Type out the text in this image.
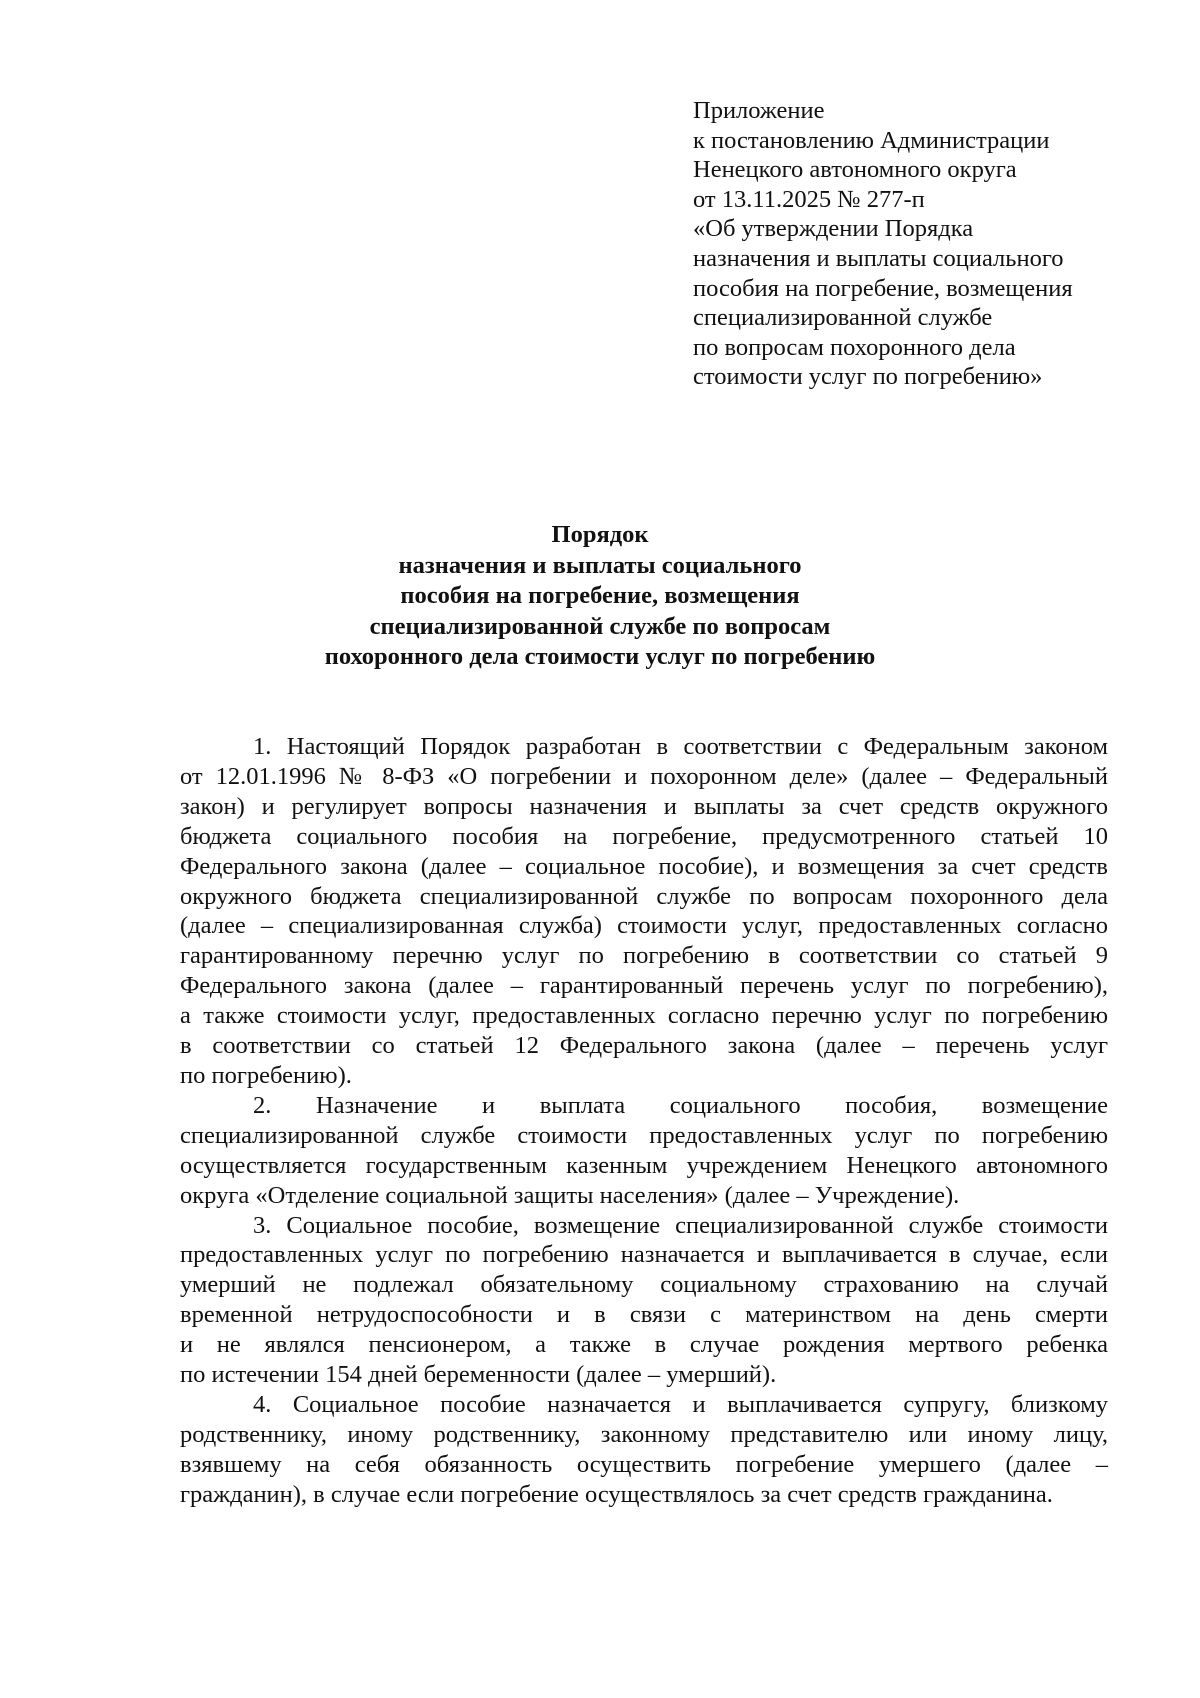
Приложение
к постановлению Администрации
Ненецкого автономного округа
от 13.11.2025 № 277-п
«Об утверждении Порядка
назначения и выплаты социального
пособия на погребение, возмещения
специализированной службе
по вопросам похоронного дела
стоимости услуг по погребению»
Порядок
назначения и выплаты социального
пособия на погребение, возмещения
специализированной службе по вопросам
похоронного дела стоимости услуг по погребению
1. Настоящий Порядок разработан в соответствии с Федеральным законом
от 12.01.1996 № 8-ФЗ «О погребении и похоронном деле» (далее – Федеральный
закон) и регулирует вопросы назначения и выплаты за счет средств окружного
бюджета социального пособия на погребение, предусмотренного статьей 10
Федерального закона (далее – социальное пособие), и возмещения за счет средств
окружного бюджета специализированной службе по вопросам похоронного дела
(далее – специализированная служба) стоимости услуг, предоставленных согласно
гарантированному перечню услуг по погребению в соответствии со статьей 9
Федерального закона (далее – гарантированный перечень услуг по погребению),
а также стоимости услуг, предоставленных согласно перечню услуг по погребению
в соответствии со статьей 12 Федерального закона (далее – перечень услуг
по погребению).
2. Назначение и выплата социального пособия, возмещение
специализированной службе стоимости предоставленных услуг по погребению
осуществляется государственным казенным учреждением Ненецкого автономного
округа «Отделение социальной защиты населения» (далее – Учреждение).
3. Социальное пособие, возмещение специализированной службе стоимости
предоставленных услуг по погребению назначается и выплачивается в случае, если
умерший не подлежал обязательному социальному страхованию на случай
временной нетрудоспособности и в связи с материнством на день смерти
и не являлся пенсионером, а также в случае рождения мертвого ребенка
по истечении 154 дней беременности (далее – умерший).
4. Социальное пособие назначается и выплачивается супругу, близкому
родственнику, иному родственнику, законному представителю или иному лицу,
взявшему на себя обязанность осуществить погребение умершего (далее –
гражданин), в случае если погребение осуществлялось за счет средств гражданина.
